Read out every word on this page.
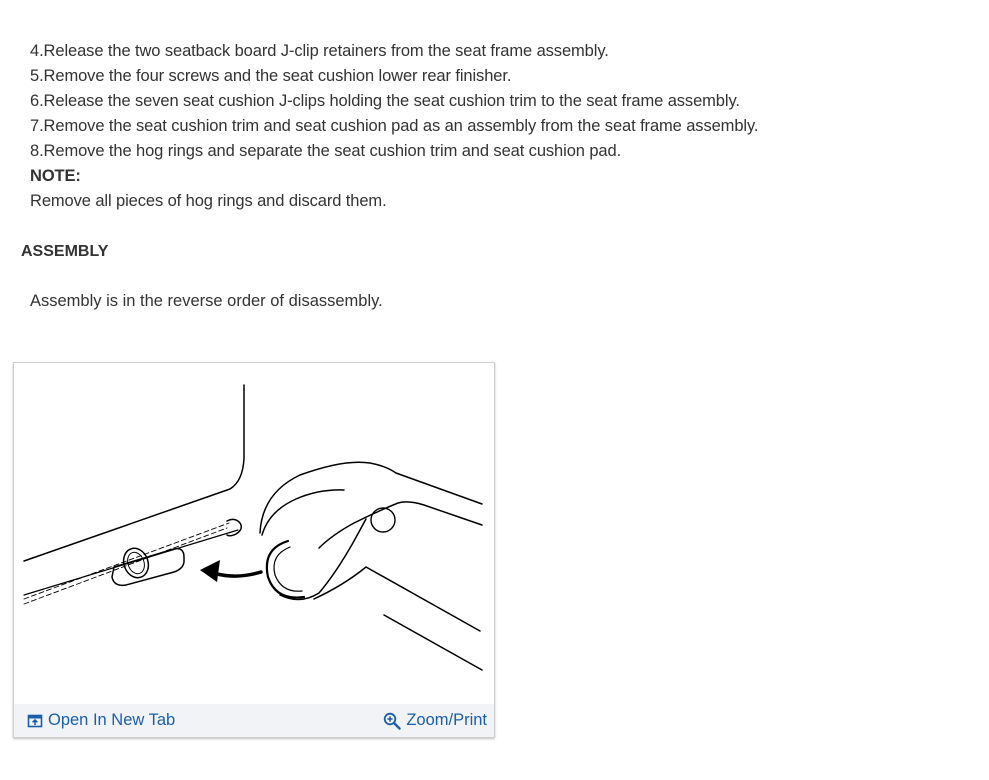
4.Release the two seatback board J-clip retainers from the seat frame assembly.
5.Remove the four screws and the seat cushion lower rear finisher.
6.Release the seven seat cushion J-clips holding the seat cushion trim to the seat frame assembly.
7.Remove the seat cushion trim and seat cushion pad as an assembly from the seat frame assembly.
8.Remove the hog rings and separate the seat cushion trim and seat cushion pad.
NOTE:
Remove all pieces of hog rings and discard them.
ASSEMBLY
Assembly is in the reverse order of disassembly.
Open In New Tab	Zoom/Print
